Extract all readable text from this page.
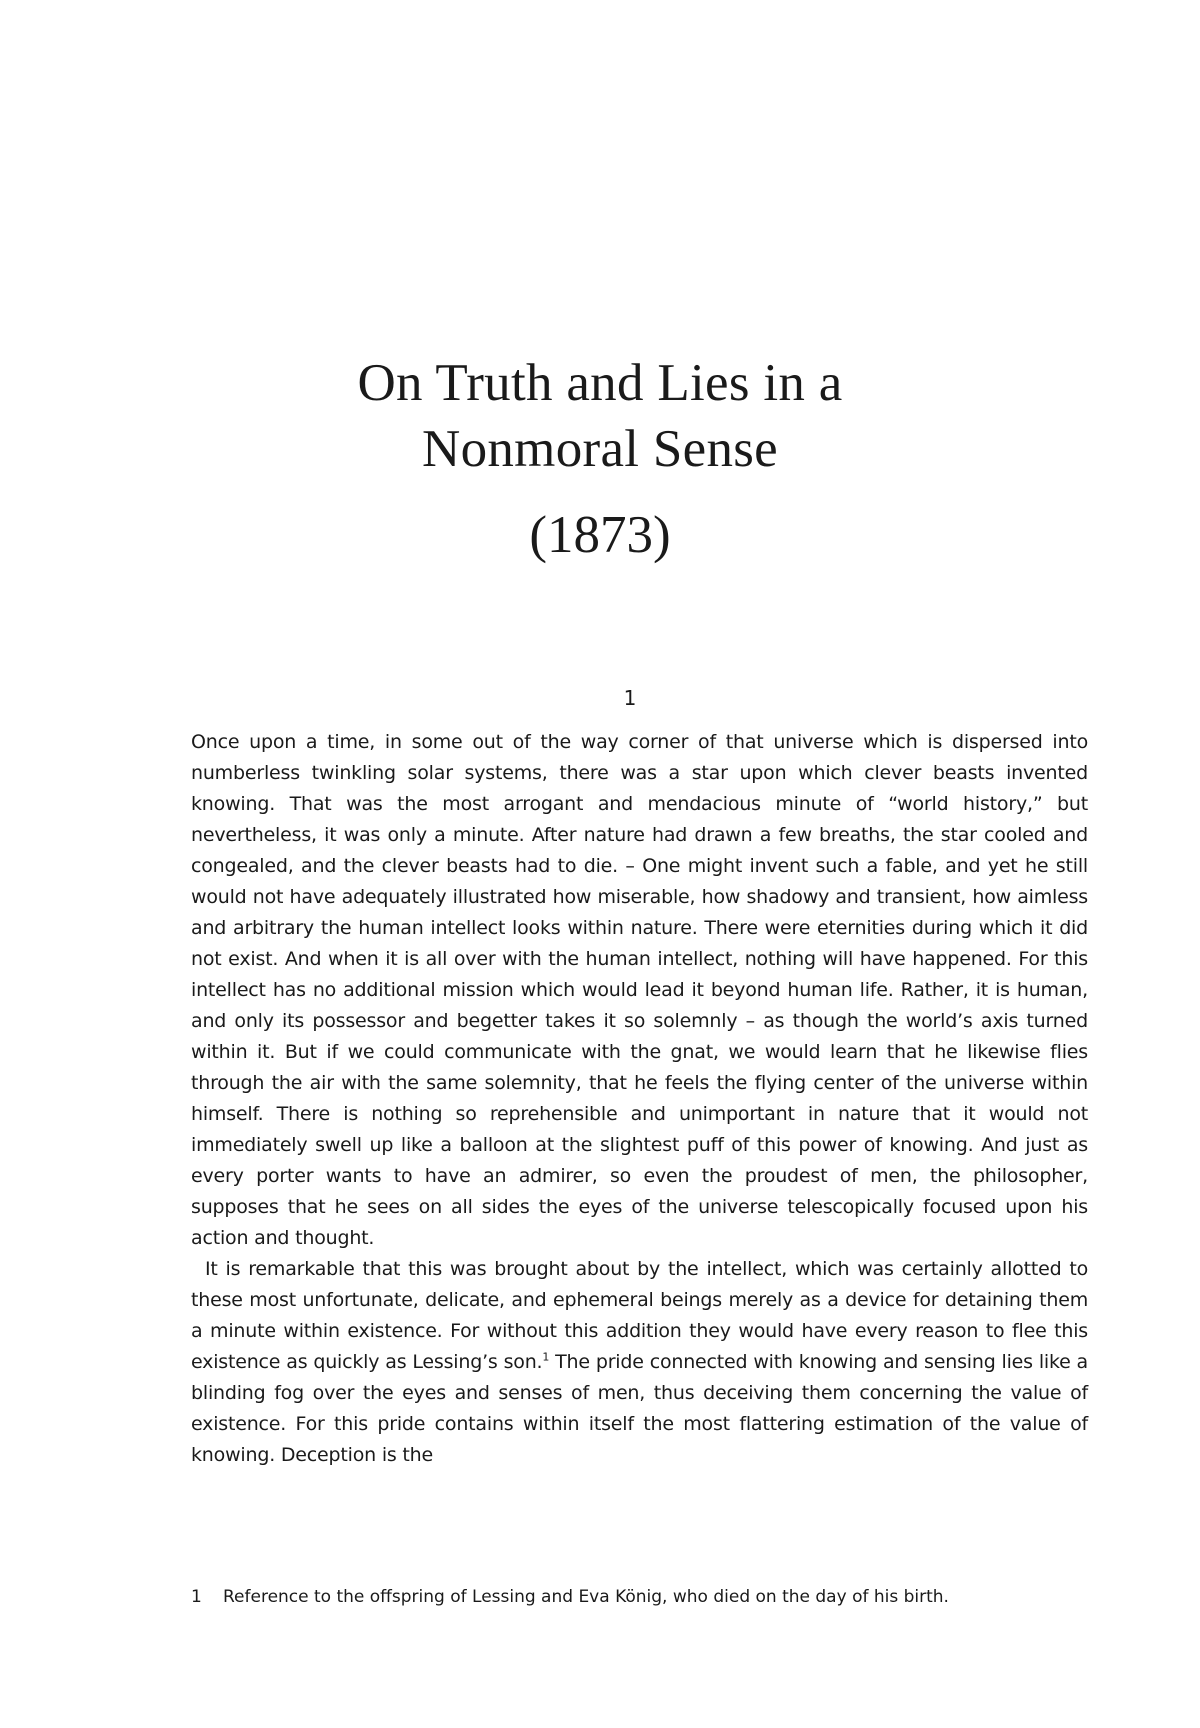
On Truth and Lies in a
Nonmoral Sense
(1873)
1

Once upon a time, in some out of the way corner of that universe which is dispersed into numberless twinkling solar systems, there was a star upon which clever beasts invented knowing. That was the most arrogant and mendacious minute of “world history,” but nevertheless, it was only a minute. After nature had drawn a few breaths, the star cooled and congealed, and the clever beasts had to die. – One might invent such a fable, and yet he still would not have adequately illustrated how miserable, how shadowy and transient, how aimless and arbitrary the human intellect looks within nature. There were eternities during which it did not exist. And when it is all over with the human intellect, nothing will have happened. For this intellect has no additional mission which would lead it beyond human life. Rather, it is human, and only its possessor and begetter takes it so solemnly – as though the world’s axis turned within it. But if we could communicate with the gnat, we would learn that he likewise flies through the air with the same solemnity, that he feels the flying center of the universe within himself. There is nothing so reprehensible and unimportant in nature that it would not immediately swell up like a balloon at the slightest puff of this power of knowing. And just as every porter wants to have an admirer, so even the proudest of men, the philosopher, supposes that he sees on all sides the eyes of the universe telescopically focused upon his action and thought.

It is remarkable that this was brought about by the intellect, which was certainly allotted to these most unfortunate, delicate, and ephemeral beings merely as a device for detaining them a minute within existence. For without this addition they would have every reason to flee this existence as quickly as Lessing’s son.$^1$ The pride connected with knowing and sensing lies like a blinding fog over the eyes and senses of men, thus deceiving them concerning the value of existence. For this pride contains within itself the most flattering estimation of the value of knowing. Deception is the

1 Reference to the offspring of Lessing and Eva König, who died on the day of his birth.
